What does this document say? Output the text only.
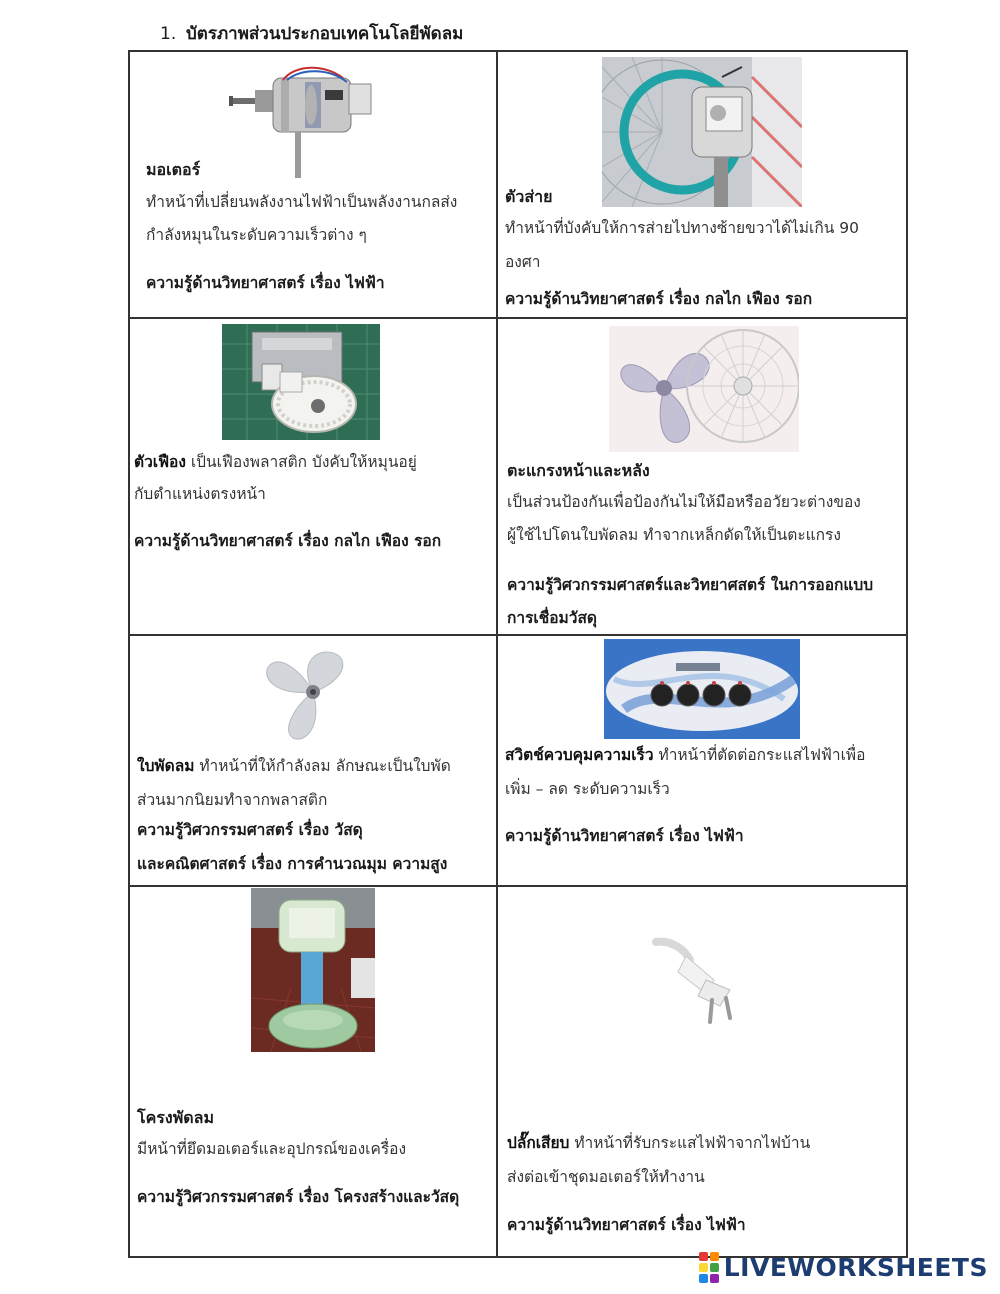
1. บัตรภาพส่วนประกอบเทคโนโลยีพัดลม
มอเตอร์
ทำหน้าที่เปลี่ยนพลังงานไฟฟ้าเป็นพลังงานกลส่ง
กำลังหมุนในระดับความเร็วต่าง ๆ
ความรู้ด้านวิทยาศาสตร์ เรื่อง ไฟฟ้า
ตัวส่าย
ทำหน้าที่บังคับให้การส่ายไปทางซ้ายขวาได้ไม่เกิน 90
องศา
ความรู้ด้านวิทยาศาสตร์ เรื่อง กลไก เฟือง รอก
ตัวเฟือง เป็นเฟืองพลาสติก บังคับให้หมุนอยู่
กับตำแหน่งตรงหน้า
ความรู้ด้านวิทยาศาสตร์ เรื่อง กลไก เฟือง รอก
ตะแกรงหน้าและหลัง
เป็นส่วนป้องกันเพื่อป้องกันไม่ให้มือหรืออวัยวะต่างของ
ผู้ใช้ไปโดนใบพัดลม ทำจากเหล็กดัดให้เป็นตะแกรง
ความรู้วิศวกรรมศาสตร์และวิทยาศสตร์ ในการออกแบบ
การเชื่อมวัสดุ
ใบพัดลม ทำหน้าที่ให้กำลังลม ลักษณะเป็นใบพัด
ส่วนมากนิยมทำจากพลาสติก
ความรู้วิศวกรรมศาสตร์ เรื่อง วัสดุ
และคณิตศาสตร์ เรื่อง การคำนวณมุม ความสูง
สวิตช์ควบคุมความเร็ว ทำหน้าที่ตัดต่อกระแสไฟฟ้าเพื่อ
เพิ่ม – ลด ระดับความเร็ว
ความรู้ด้านวิทยาศาสตร์ เรื่อง ไฟฟ้า
โครงพัดลม
มีหน้าที่ยึดมอเตอร์และอุปกรณ์ของเครื่อง
ความรู้วิศวกรรมศาสตร์ เรื่อง โครงสร้างและวัสดุ
ปลั๊กเสียบ ทำหน้าที่รับกระแสไฟฟ้าจากไฟบ้าน
ส่งต่อเข้าชุดมอเตอร์ให้ทำงาน
ความรู้ด้านวิทยาศาสตร์ เรื่อง ไฟฟ้า
LIVEWORKSHEETS
